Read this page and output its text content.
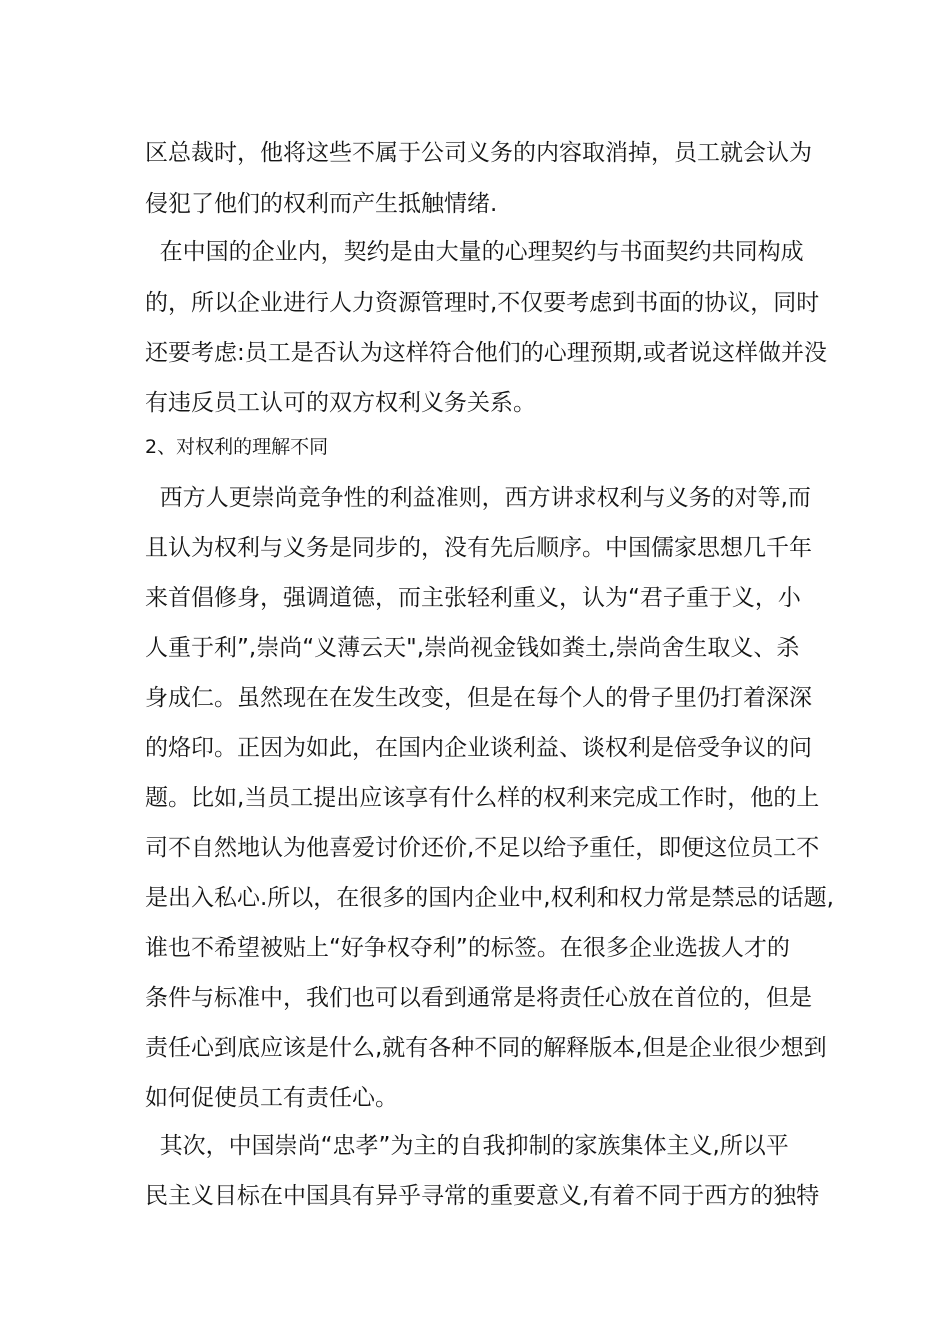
区总裁时，他将这些不属于公司义务的内容取消掉，员工就会认为
侵犯了他们的权利而产生抵触情绪.
在中国的企业内，契约是由大量的心理契约与书面契约共同构成
的，所以企业进行人力资源管理时,不仅要考虑到书面的协议，同时
还要考虑:员工是否认为这样符合他们的心理预期,或者说这样做并没
有违反员工认可的双方权利义务关系。
2、对权利的理解不同
西方人更崇尚竞争性的利益准则，西方讲求权利与义务的对等,而
且认为权利与义务是同步的，没有先后顺序。中国儒家思想几千年
来首倡修身，强调道德，而主张轻利重义，认为“君子重于义，小
人重于利”,崇尚“义薄云天",崇尚视金钱如粪土,崇尚舍生取义、杀
身成仁。虽然现在在发生改变，但是在每个人的骨子里仍打着深深
的烙印。正因为如此，在国内企业谈利益、谈权利是倍受争议的问
题。比如,当员工提出应该享有什么样的权利来完成工作时，他的上
司不自然地认为他喜爱讨价还价,不足以给予重任，即便这位员工不
是出入私心.所以，在很多的国内企业中,权利和权力常是禁忌的话题,
谁也不希望被贴上“好争权夺利”的标签。在很多企业选拔人才的
条件与标准中，我们也可以看到通常是将责任心放在首位的，但是
责任心到底应该是什么,就有各种不同的解释版本,但是企业很少想到
如何促使员工有责任心。
其次，中国崇尚“忠孝”为主的自我抑制的家族集体主义,所以平
民主义目标在中国具有异乎寻常的重要意义,有着不同于西方的独特
